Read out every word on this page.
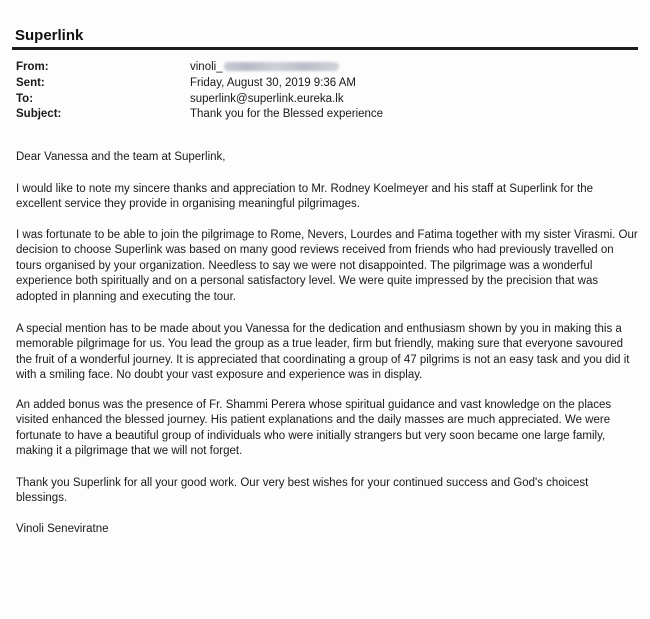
Superlink
From:	vinoli_
Sent:	Friday, August 30, 2019 9:36 AM
To:	superlink@superlink.eureka.lk
Subject:	Thank you for the Blessed experience

Dear Vanessa and the team at Superlink,

I would like to note my sincere thanks and appreciation to Mr. Rodney Koelmeyer and his staff at Superlink for the excellent service they provide in organising meaningful pilgrimages.

I was fortunate to be able to join the pilgrimage to Rome, Nevers, Lourdes and Fatima together with my sister Virasmi. Our decision to choose Superlink was based on many good reviews received from friends who had previously travelled on tours organised by your organization. Needless to say we were not disappointed. The pilgrimage was a wonderful experience both spiritually and on a personal satisfactory level. We were quite impressed by the precision that was adopted in planning and executing the tour.

A special mention has to be made about you Vanessa for the dedication and enthusiasm shown by you in making this a memorable pilgrimage for us. You lead the group as a true leader, firm but friendly, making sure that everyone savoured the fruit of a wonderful journey. It is appreciated that coordinating a group of 47 pilgrims is not an easy task and you did it with a smiling face. No doubt your vast exposure and experience was in display.

An added bonus was the presence of Fr. Shammi Perera whose spiritual guidance and vast knowledge on the places visited enhanced the blessed journey. His patient explanations and the daily masses are much appreciated. We were fortunate to have a beautiful group of individuals who were initially strangers but very soon became one large family, making it a pilgrimage that we will not forget.

Thank you Superlink for all your good work. Our very best wishes for your continued success and God's choicest blessings.

Vinoli Seneviratne
